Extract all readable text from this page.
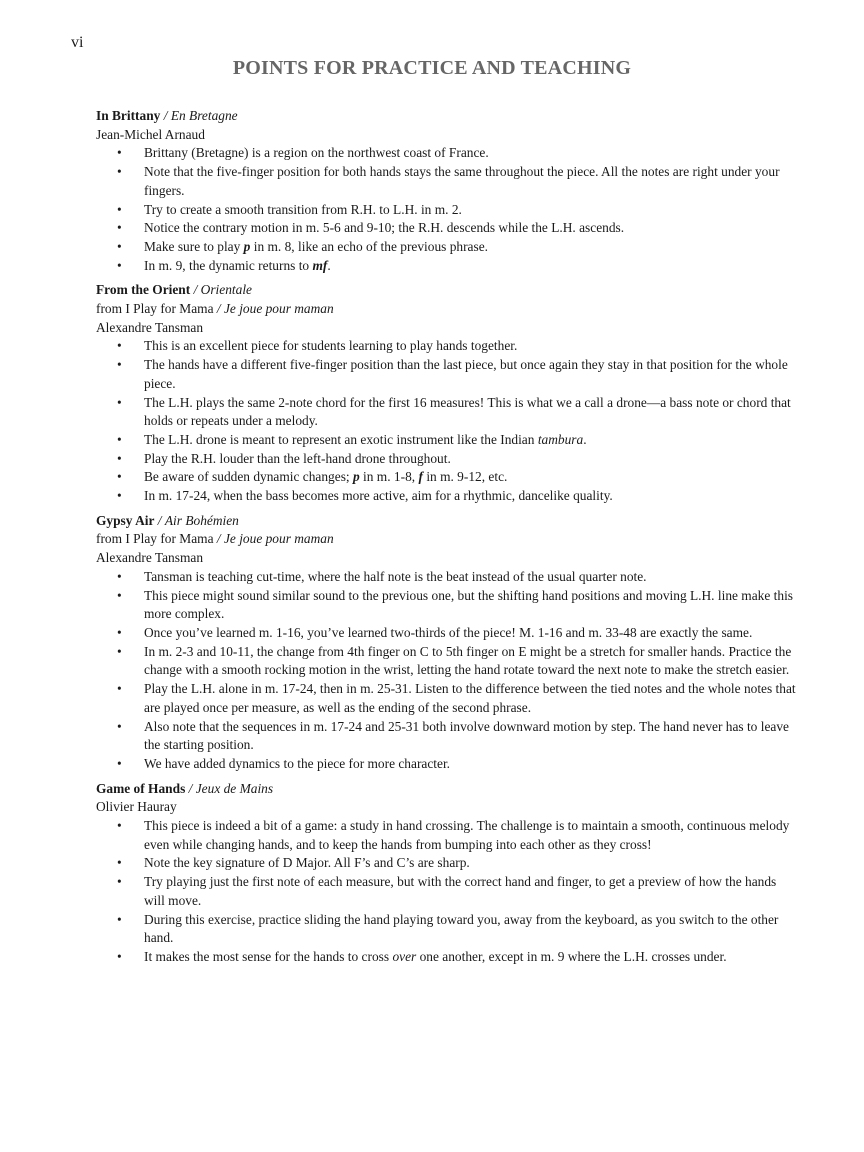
vi
POINTS FOR PRACTICE AND TEACHING
In Brittany / En Bretagne
Jean-Michel Arnaud
• Brittany (Bretagne) is a region on the northwest coast of France.
• Note that the five-finger position for both hands stays the same throughout the piece. All the notes are right under your fingers.
• Try to create a smooth transition from R.H. to L.H. in m. 2.
• Notice the contrary motion in m. 5-6 and 9-10; the R.H. descends while the L.H. ascends.
• Make sure to play p in m. 8, like an echo of the previous phrase.
• In m. 9, the dynamic returns to mf.
From the Orient / Orientale
from I Play for Mama / Je joue pour maman
Alexandre Tansman
• This is an excellent piece for students learning to play hands together.
• The hands have a different five-finger position than the last piece, but once again they stay in that position for the whole piece.
• The L.H. plays the same 2-note chord for the first 16 measures! This is what we a call a drone—a bass note or chord that holds or repeats under a melody.
• The L.H. drone is meant to represent an exotic instrument like the Indian tambura.
• Play the R.H. louder than the left-hand drone throughout.
• Be aware of sudden dynamic changes; p in m. 1-8, f in m. 9-12, etc.
• In m. 17-24, when the bass becomes more active, aim for a rhythmic, dancelike quality.
Gypsy Air / Air Bohémien
from I Play for Mama / Je joue pour maman
Alexandre Tansman
• Tansman is teaching cut-time, where the half note is the beat instead of the usual quarter note.
• This piece might sound similar sound to the previous one, but the shifting hand positions and moving L.H. line make this more complex.
• Once you’ve learned m. 1-16, you’ve learned two-thirds of the piece! M. 1-16 and m. 33-48 are exactly the same.
• In m. 2-3 and 10-11, the change from 4th finger on C to 5th finger on E might be a stretch for smaller hands. Practice the change with a smooth rocking motion in the wrist, letting the hand rotate toward the next note to make the stretch easier.
• Play the L.H. alone in m. 17-24, then in m. 25-31. Listen to the difference between the tied notes and the whole notes that are played once per measure, as well as the ending of the second phrase.
• Also note that the sequences in m. 17-24 and 25-31 both involve downward motion by step. The hand never has to leave the starting position.
• We have added dynamics to the piece for more character.
Game of Hands / Jeux de Mains
Olivier Hauray
• This piece is indeed a bit of a game: a study in hand crossing. The challenge is to maintain a smooth, continuous melody even while changing hands, and to keep the hands from bumping into each other as they cross!
• Note the key signature of D Major. All F’s and C’s are sharp.
• Try playing just the first note of each measure, but with the correct hand and finger, to get a preview of how the hands will move.
• During this exercise, practice sliding the hand playing toward you, away from the keyboard, as you switch to the other hand.
• It makes the most sense for the hands to cross over one another, except in m. 9 where the L.H. crosses under.
